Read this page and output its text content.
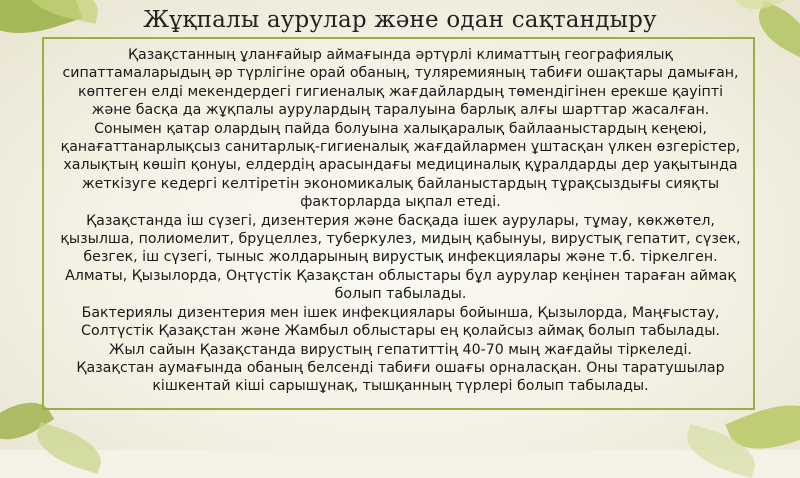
Жұқпалы аурулар және одан сақтандыру

Қазақстанның ұланғайыр аймағында әртүрлі климаттың географиялық сипаттамаларыдың әр түрлігіне орай обаның, туляремияның табиғи ошақтары дамыған, көптеген елді мекендердегі гигиеналық жағдайлардың төмендігінен ерекше қауіпті және басқа да жұқпалы аурулардың таралуына барлық алғы шарттар жасалған. Сонымен қатар олардың пайда болуына халықаралық байлааныстардың кеңеюі, қанағаттанарлықсыз санитарлық-гигиеналық жағдайлармен ұштасқан үлкен өзгерістер, халықтың көшіп қонуы, елдердің арасындағы медициналық құралдарды дер уақытында жеткізуге кедергі келтіретін экономикалық байланыстардың тұрақсыздығы сияқты факторларда ықпал етеді.

Қазақстанда іш сүзегі, дизентерия және басқада ішек аурулары, тұмау, көкжөтел, қызылша, полиомелит, бруцеллез, туберкулез, мидың қабынуы, вирустық гепатит, сүзек, безгек, іш сүзегі, тыныс жолдарының вирустық инфекциялары және т.б. тіркелген.

Алматы, Қызылорда, Оңтүстік Қазақстан облыстары бұл аурулар кеңінен тараған аймақ болып табылады.

Бактериялы дизентерия мен ішек инфекциялары бойынша, Қызылорда, Маңғыстау, Солтүстік Қазақстан және Жамбыл облыстары ең қолайсыз аймақ болып табылады.

Жыл сайын Қазақстанда вирустың гепатиттің 40-70 мың жағдайы тіркеледі.

Қазақстан аумағында обаның белсенді табиғи ошағы орналасқан. Оны таратушылар кішкентай кіші сарышұнақ, тышқанның түрлері болып табылады.
